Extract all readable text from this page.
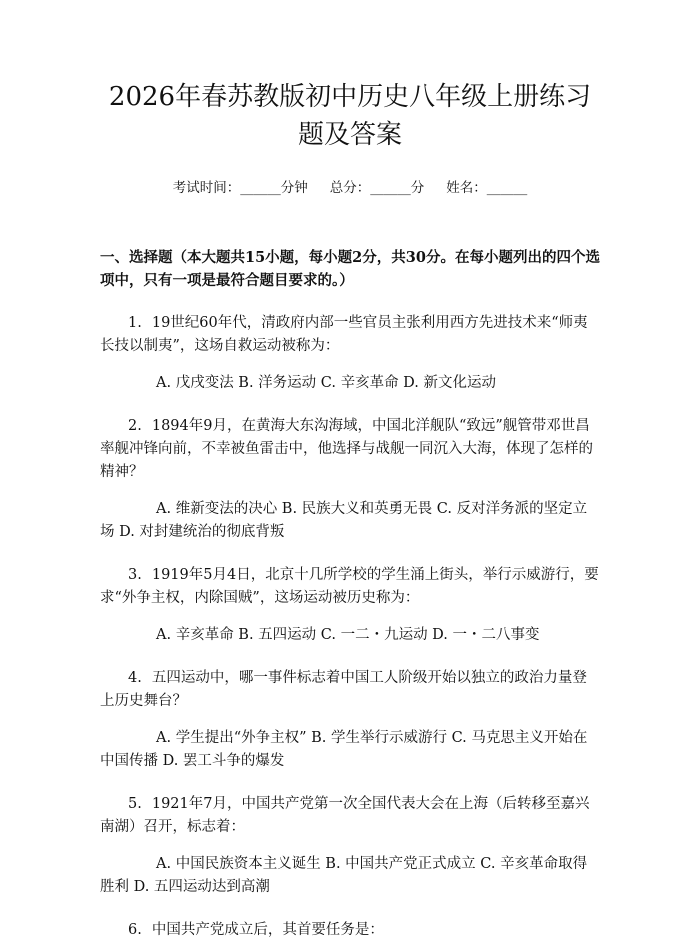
2026年春苏教版初中历史八年级上册练习题及答案
考试时间：______分钟 总分：______分 姓名：______
一、选择题（本大题共15小题，每小题2分，共30分。在每小题列出的四个选项中，只有一项是最符合题目要求的。）
1. 19世纪60年代，清政府内部一些官员主张利用西方先进技术来“师夷长技以制夷”，这场自救运动被称为：
A. 戊戌变法 B. 洋务运动 C. 辛亥革命 D. 新文化运动
2. 1894年9月，在黄海大东沟海域，中国北洋舰队“致远”舰管带邓世昌率舰冲锋向前，不幸被鱼雷击中，他选择与战舰一同沉入大海，体现了怎样的精神？
A. 维新变法的决心 B. 民族大义和英勇无畏 C. 反对洋务派的坚定立场 D. 对封建统治的彻底背叛
3. 1919年5月4日，北京十几所学校的学生涌上街头，举行示威游行，要求“外争主权，内除国贼”，这场运动被历史称为：
A. 辛亥革命 B. 五四运动 C. 一二・九运动 D. 一・二八事变
4. 五四运动中，哪一事件标志着中国工人阶级开始以独立的政治力量登上历史舞台？
A. 学生提出“外争主权” B. 学生举行示威游行 C. 马克思主义开始在中国传播 D. 罢工斗争的爆发
5. 1921年7月，中国共产党第一次全国代表大会在上海（后转移至嘉兴南湖）召开，标志着：
A. 中国民族资本主义诞生 B. 中国共产党正式成立 C. 辛亥革命取得胜利 D. 五四运动达到高潮
6. 中国共产党成立后，其首要任务是：
